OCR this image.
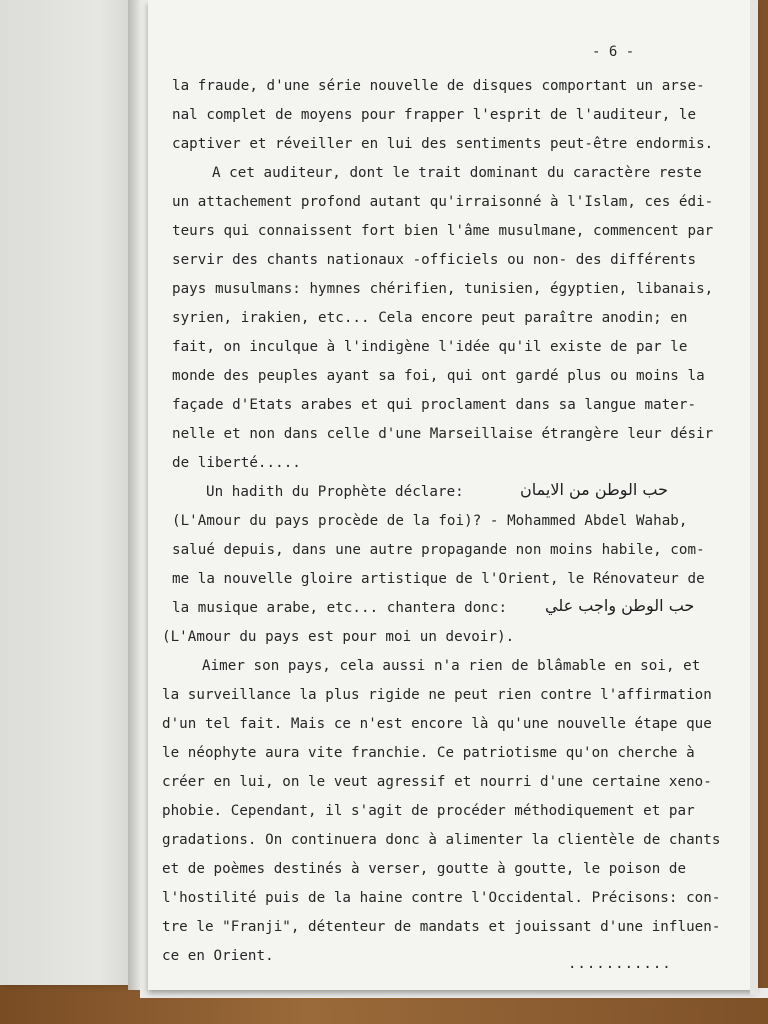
- 6 -
la fraude, d'une série nouvelle de disques comportant un arse-
nal complet de moyens pour frapper l'esprit de l'auditeur, le
captiver et réveiller en lui des sentiments peut-être endormis.
A cet auditeur, dont le trait dominant du caractère reste
un attachement profond autant qu'irraisonné à l'Islam, ces édi-
teurs qui connaissent fort bien l'âme musulmane, commencent par
servir des chants nationaux -officiels ou non- des différents
pays musulmans: hymnes chérifien, tunisien, égyptien, libanais,
syrien, irakien, etc... Cela encore peut paraître anodin; en
fait, on inculque à l'indigène l'idée qu'il existe de par le
monde des peuples ayant sa foi, qui ont gardé plus ou moins la
façade d'Etats arabes et qui proclament dans sa langue mater-
nelle et non dans celle d'une Marseillaise étrangère leur désir
de liberté.....
Un hadith du Prophète déclare:	حب الوطن من الايمان
(L'Amour du pays procède de la foi)? - Mohammed Abdel Wahab,
salué depuis, dans une autre propagande non moins habile, com-
me la nouvelle gloire artistique de l'Orient, le Rénovateur de
la musique arabe, etc... chantera donc: حب الوطن واجب علي
(L'Amour du pays est pour moi un devoir).
Aimer son pays, cela aussi n'a rien de blâmable en soi, et
la surveillance la plus rigide ne peut rien contre l'affirmation
d'un tel fait. Mais ce n'est encore là qu'une nouvelle étape que
le néophyte aura vite franchie. Ce patriotisme qu'on cherche à
créer en lui, on le veut agressif et nourri d'une certaine xeno-
phobie. Cependant, il s'agit de procéder méthodiquement et par
gradations. On continuera donc à alimenter la clientèle de chants
et de poèmes destinés à verser, goutte à goutte, le poison de
l'hostilité puis de la haine contre l'Occidental. Précisons: con-
tre le "Franji", détenteur de mandats et jouissant d'une influen-
ce en Orient.	...........
